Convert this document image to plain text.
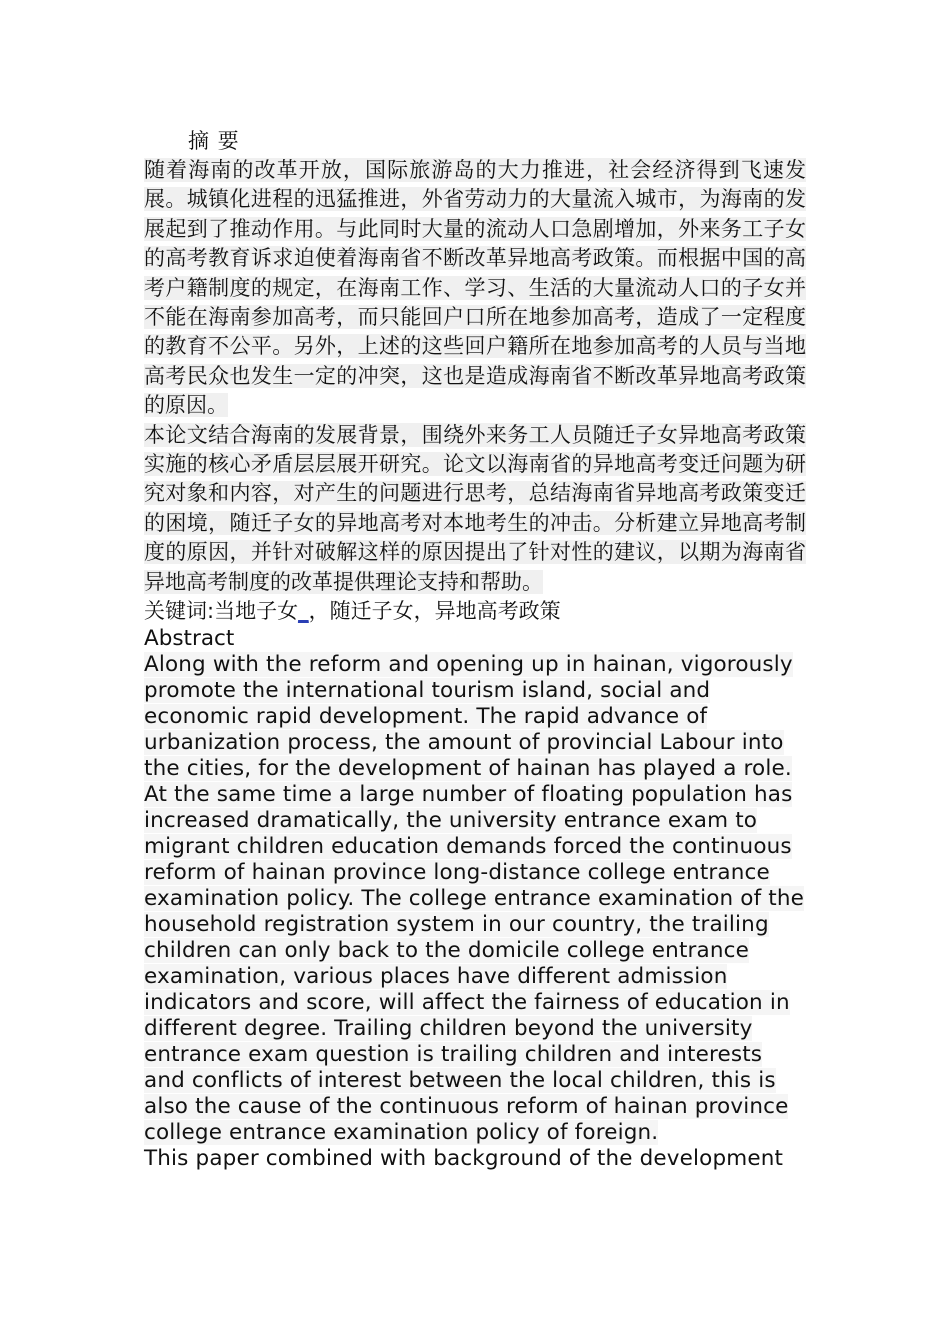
摘 要

随着海南的改革开放，国际旅游岛的大力推进，社会经济得到飞速发展。城镇化进程的迅猛推进，外省劳动力的大量流入城市，为海南的发展起到了推动作用。与此同时大量的流动人口急剧增加，外来务工子女的高考教育诉求迫使着海南省不断改革异地高考政策。而根据中国的高考户籍制度的规定，在海南工作、学习、生活的大量流动人口的子女并不能在海南参加高考，而只能回户口所在地参加高考，造成了一定程度的教育不公平。另外，上述的这些回户籍所在地参加高考的人员与当地高考民众也发生一定的冲突，这也是造成海南省不断改革异地高考政策的原因。

本论文结合海南的发展背景，围绕外来务工人员随迁子女异地高考政策实施的核心矛盾层层展开研究。论文以海南省的异地高考变迁问题为研究对象和内容，对产生的问题进行思考，总结海南省异地高考政策变迁的困境，随迁子女的异地高考对本地考生的冲击。分析建立异地高考制度的原因，并针对破解这样的原因提出了针对性的建议，以期为海南省异地高考制度的改革提供理论支持和帮助。

关键词:当地子女_，随迁子女，异地高考政策
Abstract

Along with the reform and opening up in hainan, vigorously promote the international tourism island, social and economic rapid development. The rapid advance of urbanization process, the amount of provincial Labour into the cities, for the development of hainan has played a role. At the same time a large number of floating population has increased dramatically, the university entrance exam to migrant children education demands forced the continuous reform of hainan province long-distance college entrance examination policy. The college entrance examination of the household registration system in our country, the trailing children can only back to the domicile college entrance examination, various places have different admission indicators and score, will affect the fairness of education in different degree. Trailing children beyond the university entrance exam question is trailing children and interests and conflicts of interest between the local children, this is also the cause of the continuous reform of hainan province college entrance examination policy of foreign.

This paper combined with background of the development
